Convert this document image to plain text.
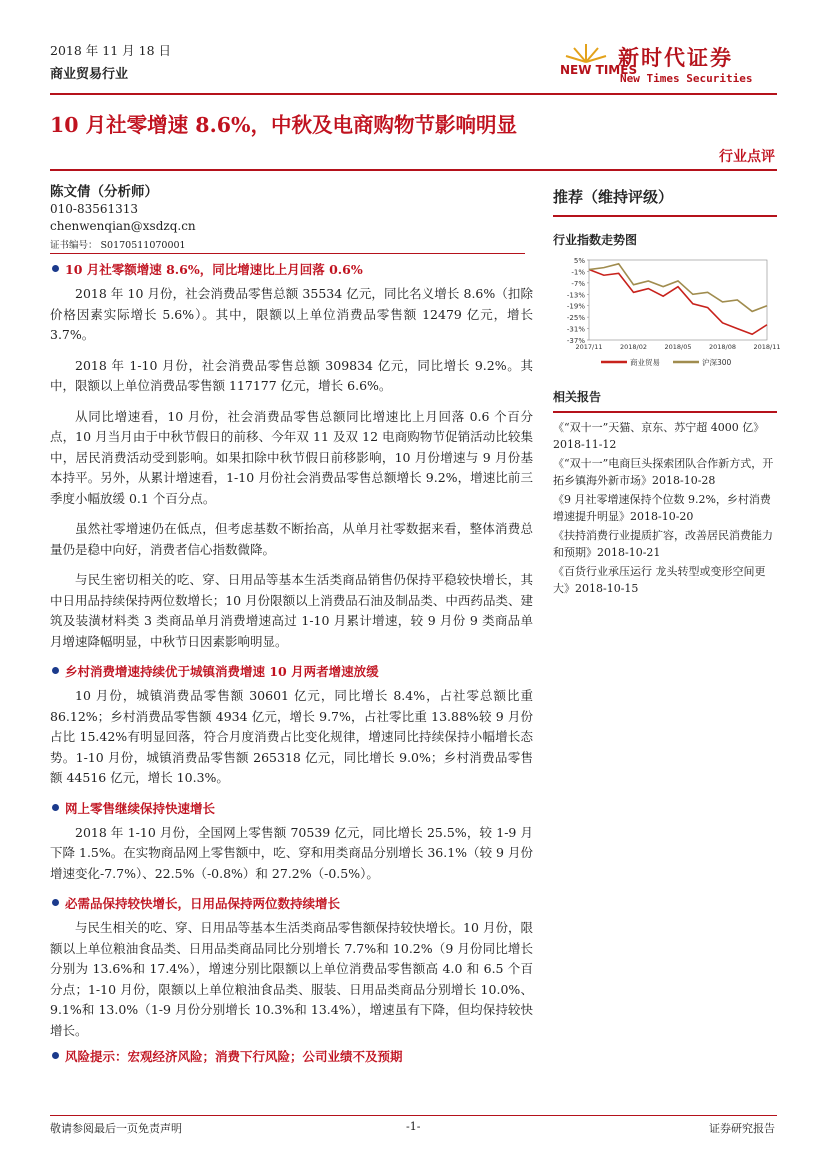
2018 年 11 月 18 日
商业贸易行业	NEW TIMES
新时代证券
New Times Securities
10 月社零增速 8.6%，中秋及电商购物节影响明显
行业点评
陈文倩（分析师）
010-83561313
chenwenqian@xsdzq.cn
证书编号： S0170511070001
10 月社零额增速 8.6%，同比增速比上月回落 0.6%

2018 年 10 月份，社会消费品零售总额 35534 亿元，同比名义增长 8.6%（扣除价格因素实际增长 5.6%）。其中，限额以上单位消费品零售额 12479 亿元，增长 3.7%。

2018 年 1-10 月份，社会消费品零售总额 309834 亿元，同比增长 9.2%。其中，限额以上单位消费品零售额 117177 亿元，增长 6.6%。

从同比增速看，10 月份，社会消费品零售总额同比增速比上月回落 0.6 个百分点，10 月当月由于中秋节假日的前移、今年双 11 及双 12 电商购物节促销活动比较集中，居民消费活动受到影响。如果扣除中秋节假日前移影响，10 月份增速与 9 月份基本持平。另外，从累计增速看，1-10 月份社会消费品零售总额增长 9.2%，增速比前三季度小幅放缓 0.1 个百分点。

虽然社零增速仍在低点，但考虑基数不断抬高，从单月社零数据来看，整体消费总量仍是稳中向好，消费者信心指数微降。

与民生密切相关的吃、穿、日用品等基本生活类商品销售仍保持平稳较快增长，其中日用品持续保持两位数增长；10 月份限额以上消费品石油及制品类、中西药品类、建筑及装潢材料类 3 类商品单月消费增速高过 1-10 月累计增速，较 9 月份 9 类商品单月增速降幅明显，中秋节日因素影响明显。

乡村消费增速持续优于城镇消费增速 10 月两者增速放缓

10 月份，城镇消费品零售额 30601 亿元，同比增长 8.4%，占社零总额比重 86.12%；乡村消费品零售额 4934 亿元，增长 9.7%，占社零比重 13.88%较 9 月份占比 15.42%有明显回落，符合月度消费占比变化规律，增速同比持续保持小幅增长态势。1-10 月份，城镇消费品零售额 265318 亿元，同比增长 9.0%；乡村消费品零售额 44516 亿元，增长 10.3%。

网上零售继续保持快速增长

2018 年 1-10 月份，全国网上零售额 70539 亿元，同比增长 25.5%，较 1-9 月下降 1.5%。在实物商品网上零售额中，吃、穿和用类商品分别增长 36.1%（较 9 月份增速变化-7.7%）、22.5%（-0.8%）和 27.2%（-0.5%）。

必需品保持较快增长，日用品保持两位数持续增长

与民生相关的吃、穿、日用品等基本生活类商品零售额保持较快增长。10 月份，限额以上单位粮油食品类、日用品类商品同比分别增长 7.7%和 10.2%（9 月份同比增长分别为 13.6%和 17.4%），增速分别比限额以上单位消费品零售额高 4.0 和 6.5 个百分点；1-10 月份，限额以上单位粮油食品类、服装、日用品类商品分别增长 10.0%、9.1%和 13.0%（1-9 月份分别增长 10.3%和 13.4%），增速虽有下降，但均保持较快增长。

风险提示：宏观经济风险；消费下行风险；公司业绩不及预期
推荐（维持评级）
行业指数走势图
5%
-1%
-7%
-13%
-19%
-25%
-31%
-37%
2017/11	2018/02	2018/05	2018/08	2018/11
商业贸易	沪深300
相关报告
《“双十一”天猫、京东、苏宁超 4000 亿》2018-11-12
《“双十一”电商巨头探索团队合作新方式，开拓乡镇海外新市场》2018-10-28
《9 月社零增速保持个位数 9.2%，乡村消费增速提升明显》2018-10-20
《扶持消费行业提质扩容，改善居民消费能力和预期》2018-10-21
《百货行业承压运行 龙头转型或变形空间更大》2018-10-15
敬请参阅最后一页免责声明	-1-	证券研究报告
